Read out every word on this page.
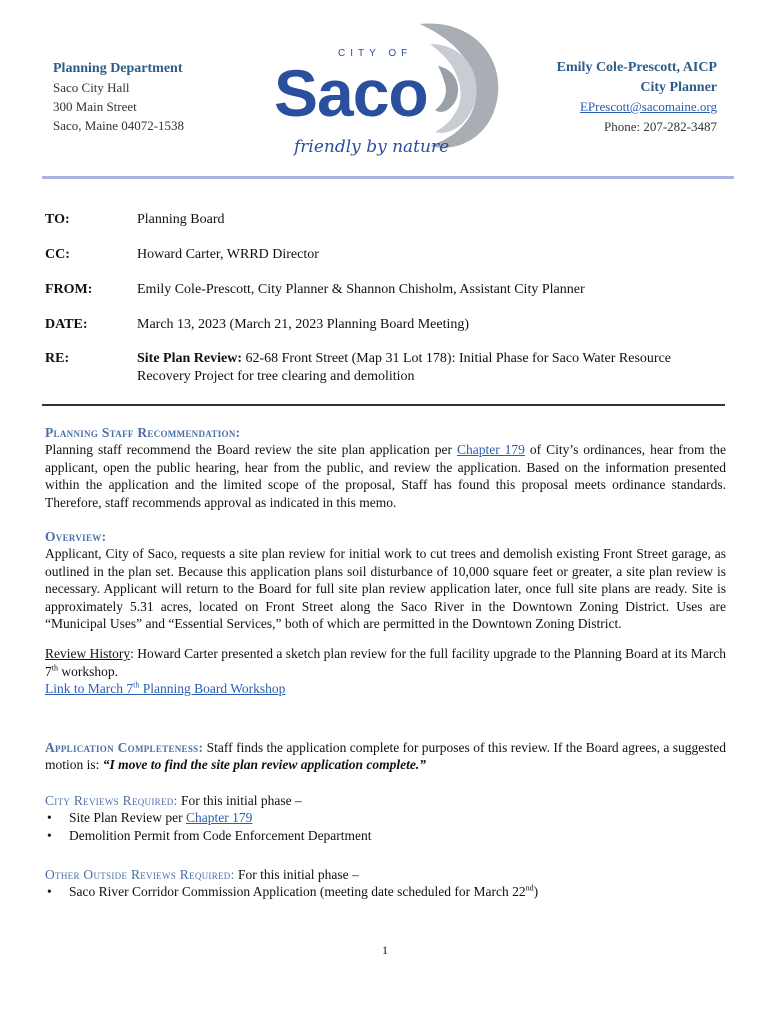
Planning Department
Saco City Hall
300 Main Street
Saco, Maine 04072-1538
CITY OF
Saco
friendly by nature
Emily Cole-Prescott, AICP
City Planner
EPrescott@sacomaine.org
Phone: 207-282-3487
TO:	Planning Board
CC:	Howard Carter, WRRD Director
FROM:	Emily Cole-Prescott, City Planner & Shannon Chisholm, Assistant City Planner
DATE:	March 13, 2023 (March 21, 2023 Planning Board Meeting)
RE:	Site Plan Review: 62-68 Front Street (Map 31 Lot 178): Initial Phase for Saco Water Resource Recovery Project for tree clearing and demolition
Planning Staff Recommendation:
Planning staff recommend the Board review the site plan application per Chapter 179 of City’s ordinances, hear from the applicant, open the public hearing, hear from the public, and review the application. Based on the information presented within the application and the limited scope of the proposal, Staff has found this proposal meets ordinance standards. Therefore, staff recommends approval as indicated in this memo.
Overview:
Applicant, City of Saco, requests a site plan review for initial work to cut trees and demolish existing Front Street garage, as outlined in the plan set. Because this application plans soil disturbance of 10,000 square feet or greater, a site plan review is necessary. Applicant will return to the Board for full site plan review application later, once full site plans are ready. Site is approximately 5.31 acres, located on Front Street along the Saco River in the Downtown Zoning District. Uses are “Municipal Uses” and “Essential Services,” both of which are permitted in the Downtown Zoning District.
Review History: Howard Carter presented a sketch plan review for the full facility upgrade to the Planning Board at its March 7th workshop.
Link to March 7th Planning Board Workshop
Application Completeness: Staff finds the application complete for purposes of this review. If the Board agrees, a suggested motion is: “I move to find the site plan review application complete.”
City Reviews Required: For this initial phase –
• Site Plan Review per Chapter 179
• Demolition Permit from Code Enforcement Department
Other Outside Reviews Required: For this initial phase –
• Saco River Corridor Commission Application (meeting date scheduled for March 22nd)
1
